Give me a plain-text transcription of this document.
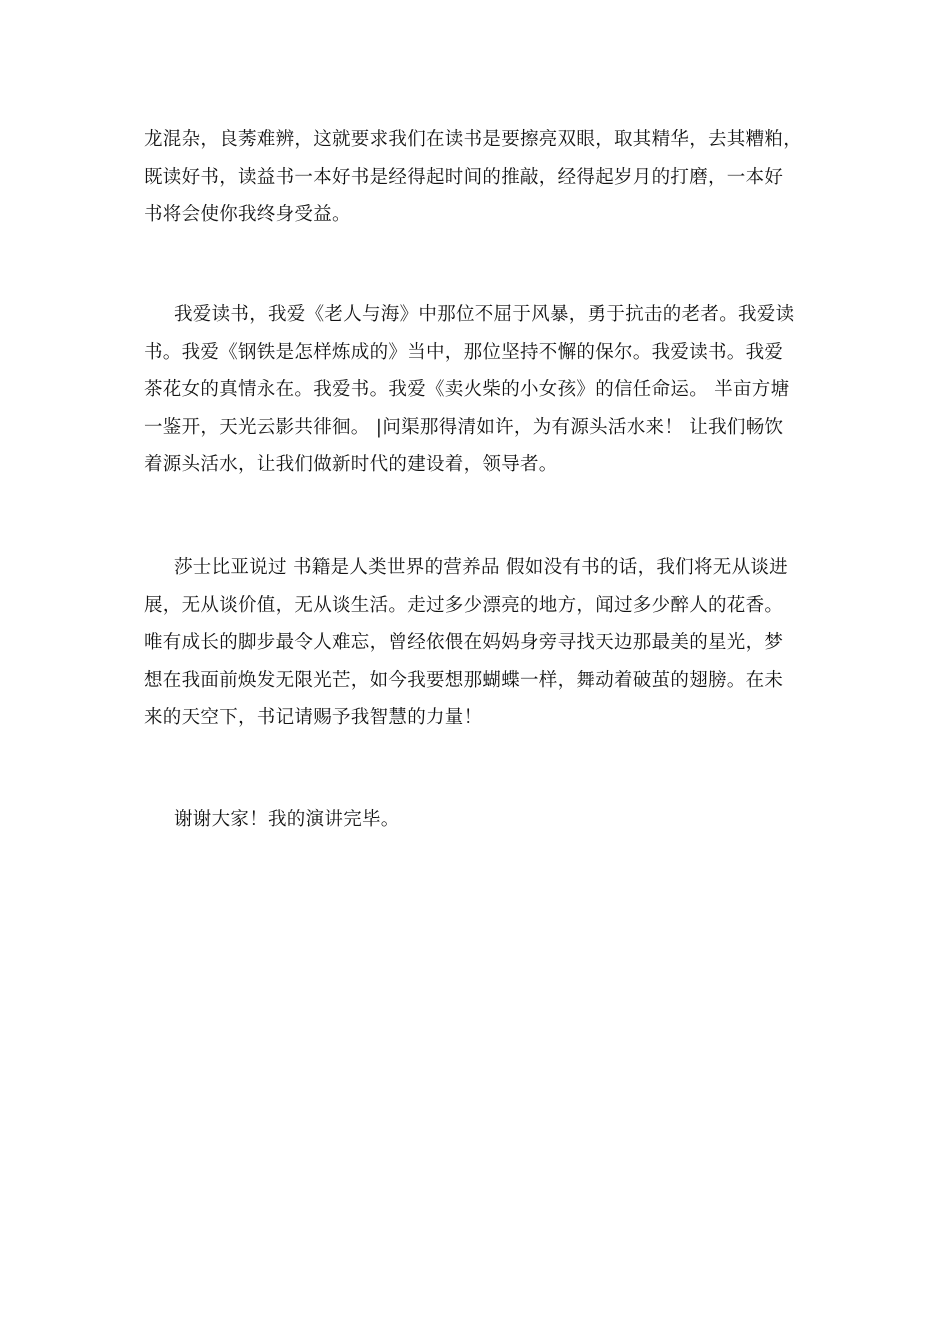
龙混杂，良莠难辨，这就要求我们在读书是要擦亮双眼，取其精华，去其糟粕，
既读好书，读益书一本好书是经得起时间的推敲，经得起岁月的打磨，一本好
书将会使你我终身受益。
我爱读书，我爱《老人与海》中那位不屈于风暴，勇于抗击的老者。我爱读
书。我爱《钢铁是怎样炼成的》当中，那位坚持不懈的保尔。我爱读书。我爱
茶花女的真情永在。我爱书。我爱《卖火柴的小女孩》的信任命运。 半亩方塘
一鉴开，天光云影共徘徊。 |问渠那得清如许，为有源头活水来！ 让我们畅饮
着源头活水，让我们做新时代的建设着，领导者。
莎士比亚说过 书籍是人类世界的营养品 假如没有书的话，我们将无从谈进
展，无从谈价值，无从谈生活。走过多少漂亮的地方，闻过多少醉人的花香。
唯有成长的脚步最令人难忘，曾经依偎在妈妈身旁寻找天边那最美的星光，梦
想在我面前焕发无限光芒，如今我要想那蝴蝶一样，舞动着破茧的翅膀。在未
来的天空下，书记请赐予我智慧的力量！
谢谢大家！我的演讲完毕。
